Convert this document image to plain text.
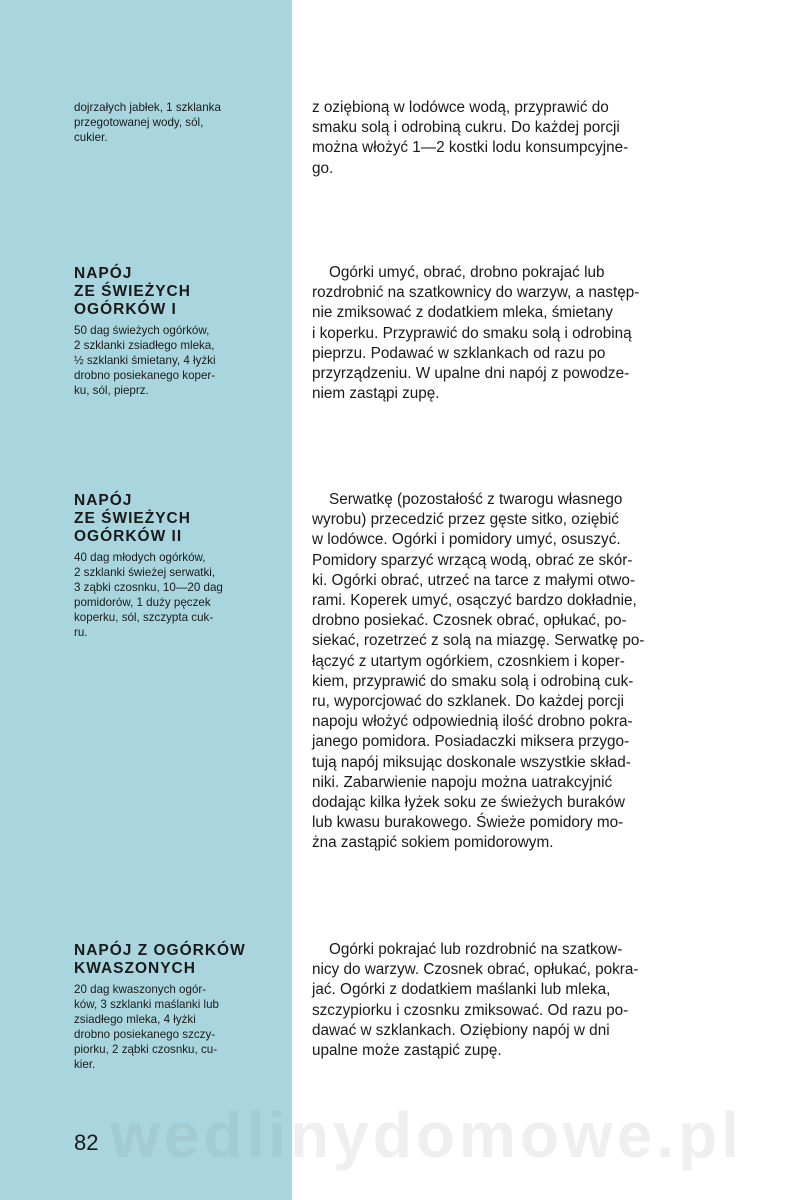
wedlinydomowe.pl
dojrzałych jabłek, 1 szklanka
przegotowanej wody, sól,
cukier.
z oziębioną w lodówce wodą, przyprawić do
smaku solą i odrobiną cukru. Do każdej porcji
można włożyć 1—2 kostki lodu konsumpcyjne-
go.
NAPÓJ
ZE ŚWIEŻYCH
OGÓRKÓW I
50 dag świeżych ogórków,
2 szklanki zsiadłego mleka,
½ szklanki śmietany, 4 łyżki
drobno posiekanego koper-
ku, sól, pieprz.
Ogórki umyć, obrać, drobno pokrajać lub
rozdrobnić na szatkownicy do warzyw, a następ-
nie zmiksować z dodatkiem mleka, śmietany
i koperku. Przyprawić do smaku solą i odrobiną
pieprzu. Podawać w szklankach od razu po
przyrządzeniu. W upalne dni napój z powodze-
niem zastąpi zupę.
NAPÓJ
ZE ŚWIEŻYCH
OGÓRKÓW II
40 dag młodych ogórków,
2 szklanki świeżej serwatki,
3 ząbki czosnku, 10—20 dag
pomidorów, 1 duży pęczek
koperku, sól, szczypta cuk-
ru.
Serwatkę (pozostałość z twarogu własnego
wyrobu) przecedzić przez gęste sitko, oziębić
w lodówce. Ogórki i pomidory umyć, osuszyć.
Pomidory sparzyć wrzącą wodą, obrać ze skór-
ki. Ogórki obrać, utrzeć na tarce z małymi otwo-
rami. Koperek umyć, osączyć bardzo dokładnie,
drobno posiekać. Czosnek obrać, opłukać, po-
siekać, rozetrzeć z solą na miazgę. Serwatkę po-
łączyć z utartym ogórkiem, czosnkiem i koper-
kiem, przyprawić do smaku solą i odrobiną cuk-
ru, wyporcjować do szklanek. Do każdej porcji
napoju włożyć odpowiednią ilość drobno pokra-
janego pomidora. Posiadaczki miksera przygo-
tują napój miksując doskonale wszystkie skład-
niki. Zabarwienie napoju można uatrakcyjnić
dodając kilka łyżek soku ze świeżych buraków
lub kwasu burakowego. Świeże pomidory mo-
żna zastąpić sokiem pomidorowym.
NAPÓJ Z OGÓRKÓW
KWASZONYCH
20 dag kwaszonych ogór-
ków, 3 szklanki maślanki lub
zsiadłego mleka, 4 łyżki
drobno posiekanego szczy-
piorku, 2 ząbki czosnku, cu-
kier.
Ogórki pokrajać lub rozdrobnić na szatkow-
nicy do warzyw. Czosnek obrać, opłukać, pokra-
jać. Ogórki z dodatkiem maślanki lub mleka,
szczypiorku i czosnku zmiksować. Od razu po-
dawać w szklankach. Oziębiony napój w dni
upalne może zastąpić zupę.
82
